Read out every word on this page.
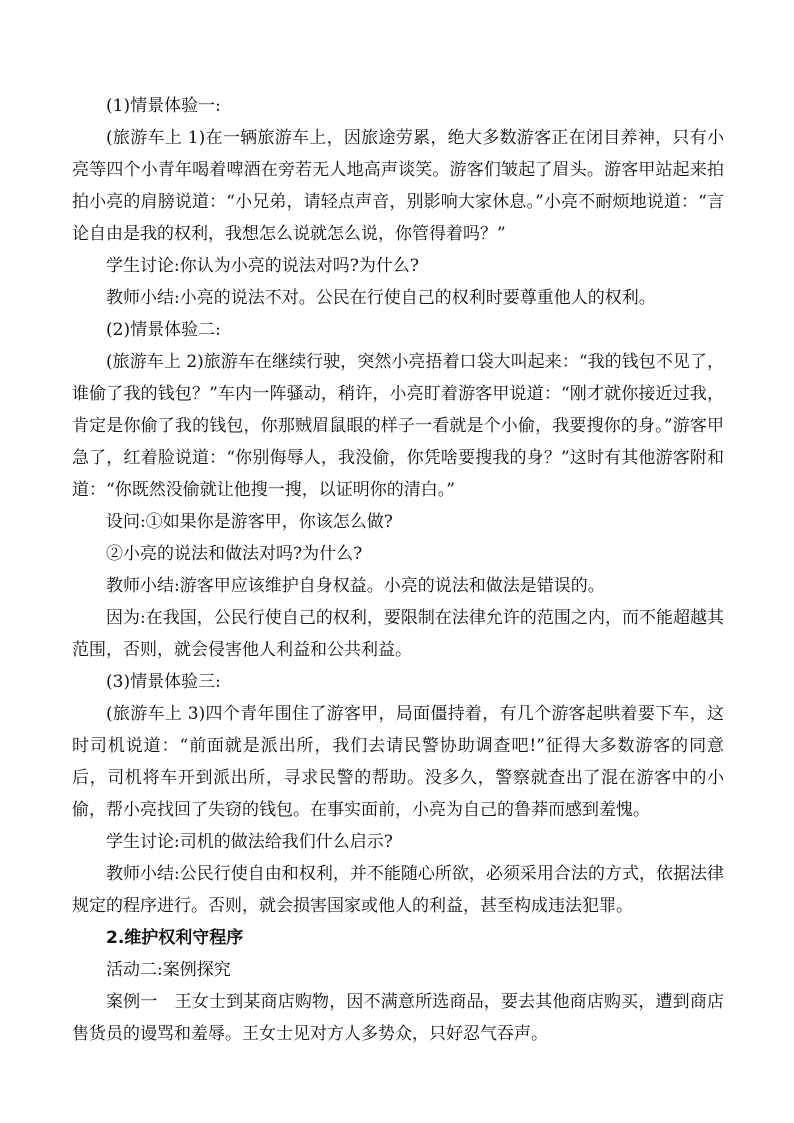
(1)情景体验一:

(旅游车上 1)在一辆旅游车上，因旅途劳累，绝大多数游客正在闭目养神，只有小亮等四个小青年喝着啤酒在旁若无人地高声谈笑。游客们皱起了眉头。游客甲站起来拍拍小亮的肩膀说道：“小兄弟，请轻点声音，别影响大家休息。”小亮不耐烦地说道：“言论自由是我的权利，我想怎么说就怎么说，你管得着吗？”

学生讨论:你认为小亮的说法对吗?为什么?

教师小结:小亮的说法不对。公民在行使自己的权利时要尊重他人的权利。

(2)情景体验二:

(旅游车上 2)旅游车在继续行驶，突然小亮捂着口袋大叫起来：“我的钱包不见了，谁偷了我的钱包？”车内一阵骚动，稍许，小亮盯着游客甲说道：“刚才就你接近过我，肯定是你偷了我的钱包，你那贼眉鼠眼的样子一看就是个小偷，我要搜你的身。”游客甲急了，红着脸说道：“你别侮辱人，我没偷，你凭啥要搜我的身？”这时有其他游客附和道：“你既然没偷就让他搜一搜，以证明你的清白。”

设问:①如果你是游客甲，你该怎么做?

②小亮的说法和做法对吗?为什么?

教师小结:游客甲应该维护自身权益。小亮的说法和做法是错误的。

因为:在我国，公民行使自己的权利，要限制在法律允许的范围之内，而不能超越其范围，否则，就会侵害他人利益和公共利益。

(3)情景体验三:

(旅游车上 3)四个青年围住了游客甲，局面僵持着，有几个游客起哄着要下车，这时司机说道：“前面就是派出所，我们去请民警协助调查吧!”征得大多数游客的同意后，司机将车开到派出所，寻求民警的帮助。没多久，警察就查出了混在游客中的小偷，帮小亮找回了失窃的钱包。在事实面前，小亮为自己的鲁莽而感到羞愧。

学生讨论:司机的做法给我们什么启示?

教师小结:公民行使自由和权利，并不能随心所欲，必须采用合法的方式，依据法律规定的程序进行。否则，就会损害国家或他人的利益，甚至构成违法犯罪。

2.维护权利守程序

活动二:案例探究

案例一　王女士到某商店购物，因不满意所选商品，要去其他商店购买，遭到商店售货员的谩骂和羞辱。王女士见对方人多势众，只好忍气吞声。
